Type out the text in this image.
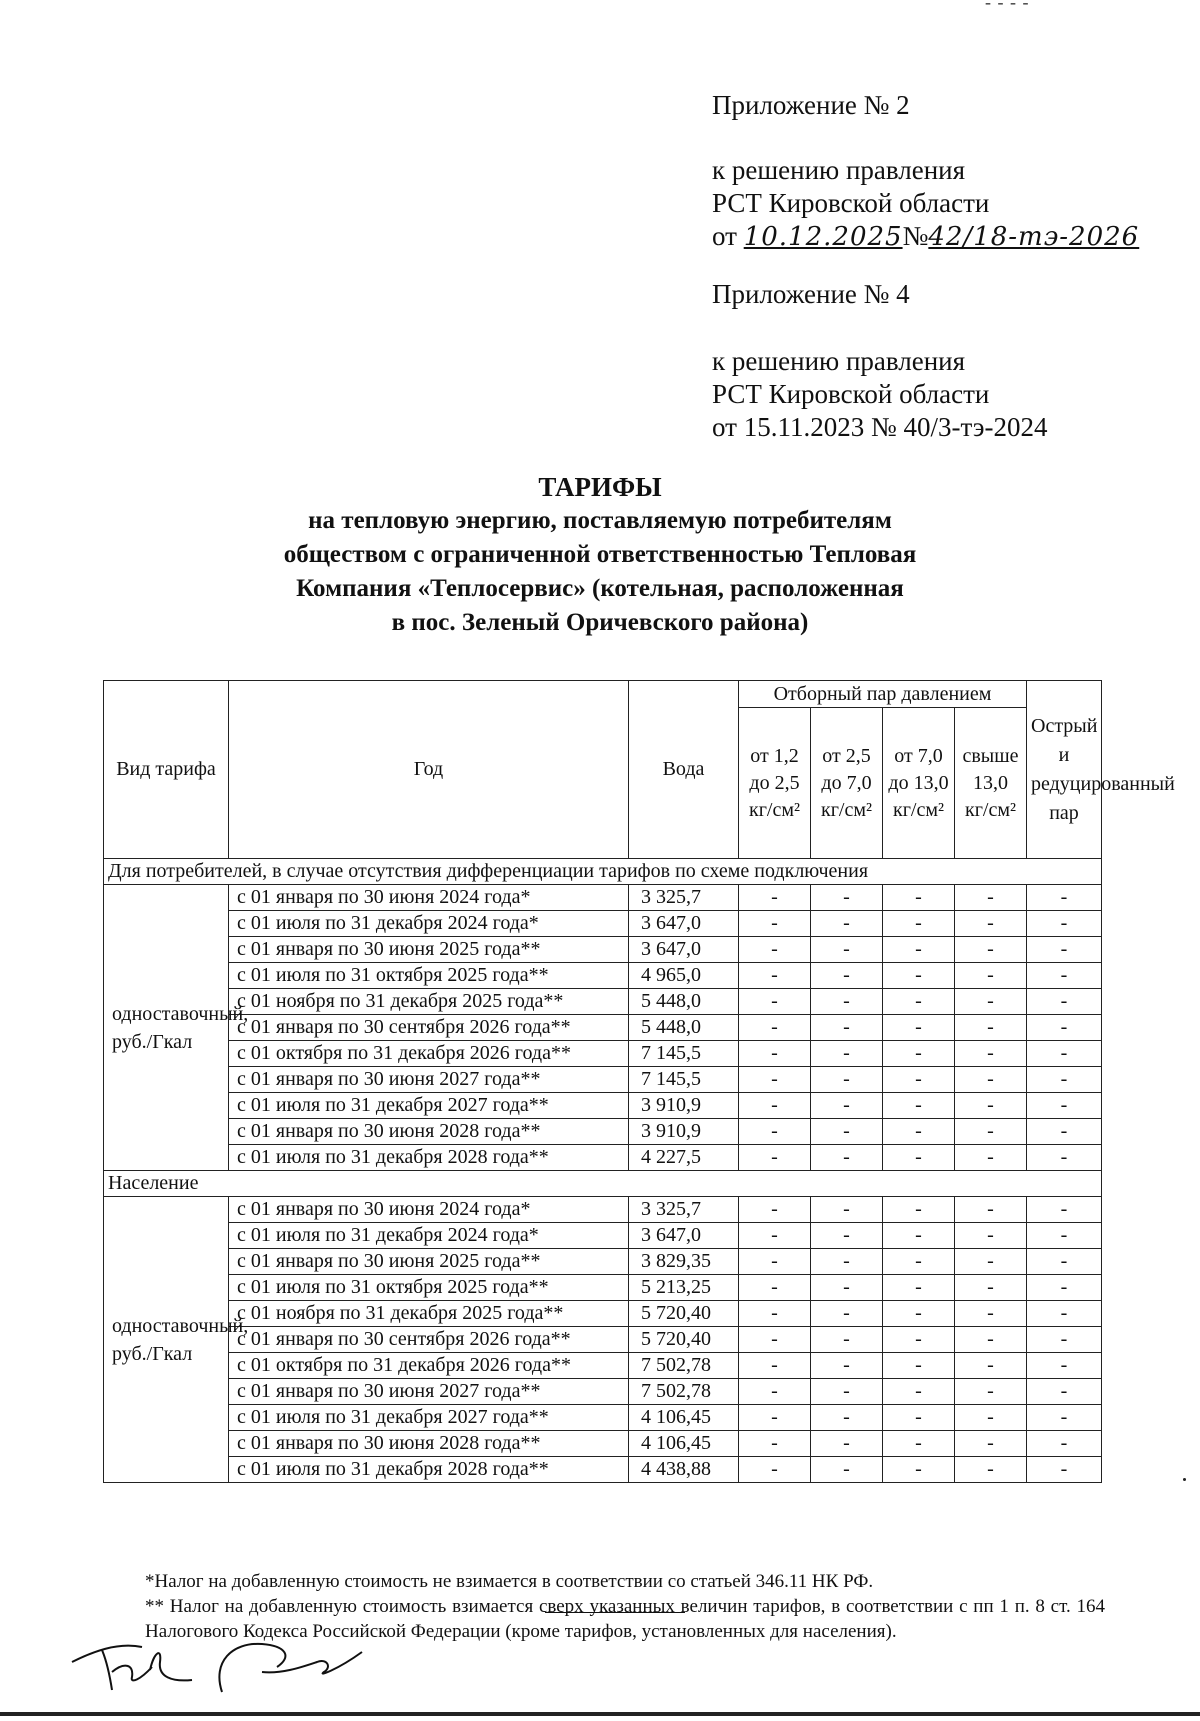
- - - -

Приложение № 2

к решению правления

РСТ Кировской области

от 10.12.2025№42/18-тэ-2026

Приложение № 4

к решению правления

РСТ Кировской области

от 15.11.2023 № 40/3-тэ-2024

ТАРИФЫ
на тепловую энергию, поставляемую потребителям
обществом с ограниченной ответственностью Тепловая
Компания «Теплосервис» (котельная, расположенная
в пос. Зеленый Оричевского района)
Вид тарифа	Год	Вода	Отборный пар давлением				Острый и редуцированный пар
			от 1,2 до 2,5 кг/см²	от 2,5 до 7,0 кг/см²	от 7,0 до 13,0 кг/см²	свыше 13,0 кг/см²	
Для потребителей, в случае отсутствия дифференциации тарифов по схеме подключения							
одноставочный, руб./Гкал	с 01 января по 30 июня 2024 года*	3 325,7	-	-	-	-	-
	с 01 июля по 31 декабря 2024 года*	3 647,0	-	-	-	-	-
	с 01 января по 30 июня 2025 года**	3 647,0	-	-	-	-	-
	с 01 июля по 31 октября 2025 года**	4 965,0	-	-	-	-	-
	с 01 ноября по 31 декабря 2025 года**	5 448,0	-	-	-	-	-
	с 01 января по 30 сентября 2026 года**	5 448,0	-	-	-	-	-
	с 01 октября по 31 декабря 2026 года**	7 145,5	-	-	-	-	-
	с 01 января по 30 июня 2027 года**	7 145,5	-	-	-	-	-
	с 01 июля по 31 декабря 2027 года**	3 910,9	-	-	-	-	-
	с 01 января по 30 июня 2028 года**	3 910,9	-	-	-	-	-
	с 01 июля по 31 декабря 2028 года**	4 227,5	-	-	-	-	-
Население							
одноставочный, руб./Гкал	с 01 января по 30 июня 2024 года*	3 325,7	-	-	-	-	-
	с 01 июля по 31 декабря 2024 года*	3 647,0	-	-	-	-	-
	с 01 января по 30 июня 2025 года**	3 829,35	-	-	-	-	-
	с 01 июля по 31 октября 2025 года**	5 213,25	-	-	-	-	-
	с 01 ноября по 31 декабря 2025 года**	5 720,40	-	-	-	-	-
	с 01 января по 30 сентября 2026 года**	5 720,40	-	-	-	-	-
	с 01 октября по 31 декабря 2026 года**	7 502,78	-	-	-	-	-
	с 01 января по 30 июня 2027 года**	7 502,78	-	-	-	-	-
	с 01 июля по 31 декабря 2027 года**	4 106,45	-	-	-	-	-
	с 01 января по 30 июня 2028 года**	4 106,45	-	-	-	-	-
	с 01 июля по 31 декабря 2028 года**	4 438,88	-	-	-	-	-

*Налог на добавленную стоимость не взимается в соответствии со статьей 346.11 НК РФ.

** Налог на добавленную стоимость взимается сверх указанных величин тарифов, в соответствии с пп 1 п. 8 ст. 164 Налогового Кодекса Российской Федерации (кроме тарифов, установленных для населения).
